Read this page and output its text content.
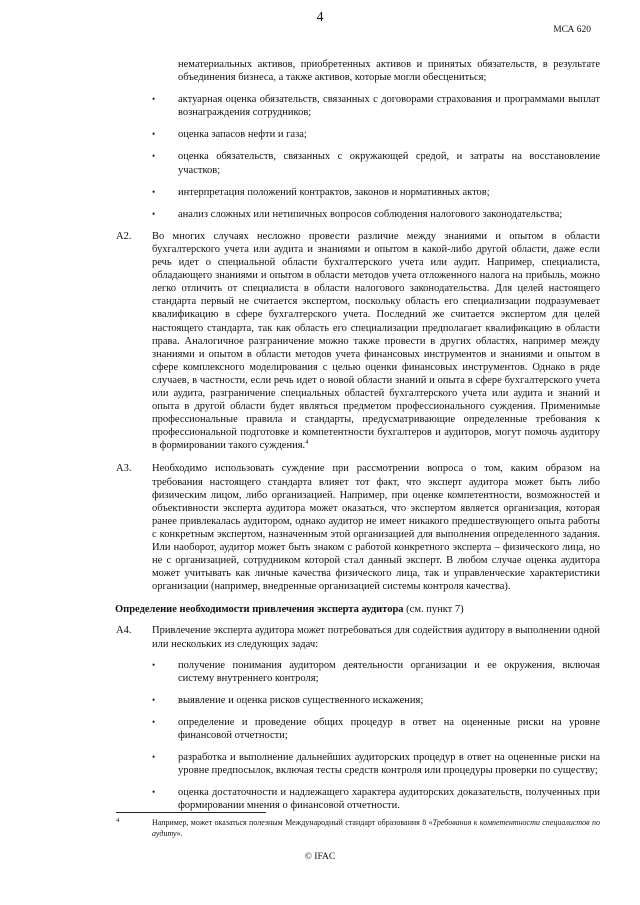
4
МСА 620
нематериальных активов, приобретенных активов и принятых обязательств, в результате объединения бизнеса, а также активов, которые могли обесцениться;
• актуарная оценка обязательств, связанных с договорами страхования и программами выплат вознаграждения сотрудников;
• оценка запасов нефти и газа;
• оценка обязательств, связанных с окружающей средой, и затраты на восстановление участков;
• интерпретация положений контрактов, законов и нормативных актов;
• анализ сложных или нетипичных вопросов соблюдения налогового законодательства;
A2. Во многих случаях несложно провести различие между знаниями и опытом в области бухгалтерского учета или аудита и знаниями и опытом в какой-либо другой области, даже если речь идет о специальной области бухгалтерского учета или аудит. Например, специалиста, обладающего знаниями и опытом в области методов учета отложенного налога на прибыль, можно легко отличить от специалиста в области налогового законодательства. Для целей настоящего стандарта первый не считается экспертом, поскольку область его специализации подразумевает квалификацию в сфере бухгалтерского учета. Последний же считается экспертом для целей настоящего стандарта, так как область его специализации предполагает квалификацию в области права. Аналогичное разграничение можно также провести в других областях, например между знаниями и опытом в области методов учета финансовых инструментов и знаниями и опытом в сфере комплексного моделирования с целью оценки финансовых инструментов. Однако в ряде случаев, в частности, если речь идет о новой области знаний и опыта в сфере бухгалтерского учета или аудита, разграничение специальных областей бухгалтерского учета или аудита и знаний и опыта в другой области будет являться предметом профессионального суждения. Применимые профессиональные правила и стандарты, предусматривающие определенные требования к профессиональной подготовке и компетентности бухгалтеров и аудиторов, могут помочь аудитору в формировании такого суждения.$^4$
A3. Необходимо использовать суждение при рассмотрении вопроса о том, каким образом на требования настоящего стандарта влияет тот факт, что эксперт аудитора может быть либо физическим лицом, либо организацией. Например, при оценке компетентности, возможностей и объективности эксперта аудитора может оказаться, что экспертом является организация, которая ранее привлекалась аудитором, однако аудитор не имеет никакого предшествующего опыта работы с конкретным экспертом, назначенным этой организацией для выполнения определенного задания. Или наоборот, аудитор может быть знаком с работой конкретного эксперта – физического лица, но не с организацией, сотрудником которой стал данный эксперт. В любом случае оценка аудитора может учитывать как личные качества физического лица, так и управленческие характеристики организации (например, внедренные организацией системы контроля качества).
Определение необходимости привлечения эксперта аудитора (см. пункт 7)
A4. Привлечение эксперта аудитора может потребоваться для содействия аудитору в выполнении одной или нескольких из следующих задач:
• получение понимания аудитором деятельности организации и ее окружения, включая систему внутреннего контроля;
• выявление и оценка рисков существенного искажения;
• определение и проведение общих процедур в ответ на оцененные риски на уровне финансовой отчетности;
• разработка и выполнение дальнейших аудиторских процедур в ответ на оцененные риски на уровне предпосылок, включая тесты средств контроля или процедуры проверки по существу;
• оценка достаточности и надлежащего характера аудиторских доказательств, полученных при формировании мнения о финансовой отчетности.
4	Например, может оказаться полезным Международный стандарт образования 8 «Требования к компетентности специалистов по аудиту».
© IFAC
